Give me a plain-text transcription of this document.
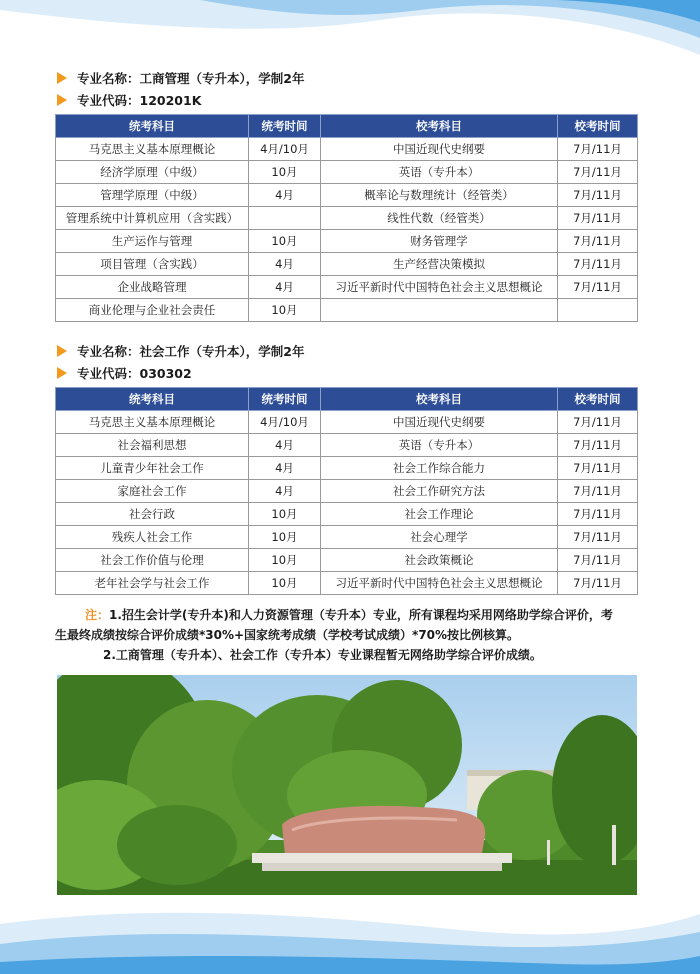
专业名称： 工商管理（专升本），学制2年
专业代码： 120201K
统考科目	统考时间	校考科目	校考时间
马克思主义基本原理概论	4月/10月	中国近现代史纲要	7月/11月
经济学原理（中级）	10月	英语（专升本）	7月/11月
管理学原理（中级）	4月	概率论与数理统计（经管类）	7月/11月
管理系统中计算机应用（含实践）		线性代数（经管类）	7月/11月
生产运作与管理	10月	财务管理学	7月/11月
项目管理（含实践）	4月	生产经营决策模拟	7月/11月
企业战略管理	4月	习近平新时代中国特色社会主义思想概论	7月/11月
商业伦理与企业社会责任	10月		
专业名称： 社会工作（专升本），学制2年
专业代码： 030302
统考科目	统考时间	校考科目	校考时间
马克思主义基本原理概论	4月/10月	中国近现代史纲要	7月/11月
社会福利思想	4月	英语（专升本）	7月/11月
儿童青少年社会工作	4月	社会工作综合能力	7月/11月
家庭社会工作	4月	社会工作研究方法	7月/11月
社会行政	10月	社会工作理论	7月/11月
残疾人社会工作	10月	社会心理学	7月/11月
社会工作价值与伦理	10月	社会政策概论	7月/11月
老年社会学与社会工作	10月	习近平新时代中国特色社会主义思想概论	7月/11月
注：1.招生会计学(专升本)和人力资源管理（专升本）专业，所有课程均采用网络助学综合评价，考
生最终成绩按综合评价成绩*30%+国家统考成绩（学校考试成绩）*70%按比例核算。
2.工商管理（专升本）、社会工作（专升本）专业课程暂无网络助学综合评价成绩。
